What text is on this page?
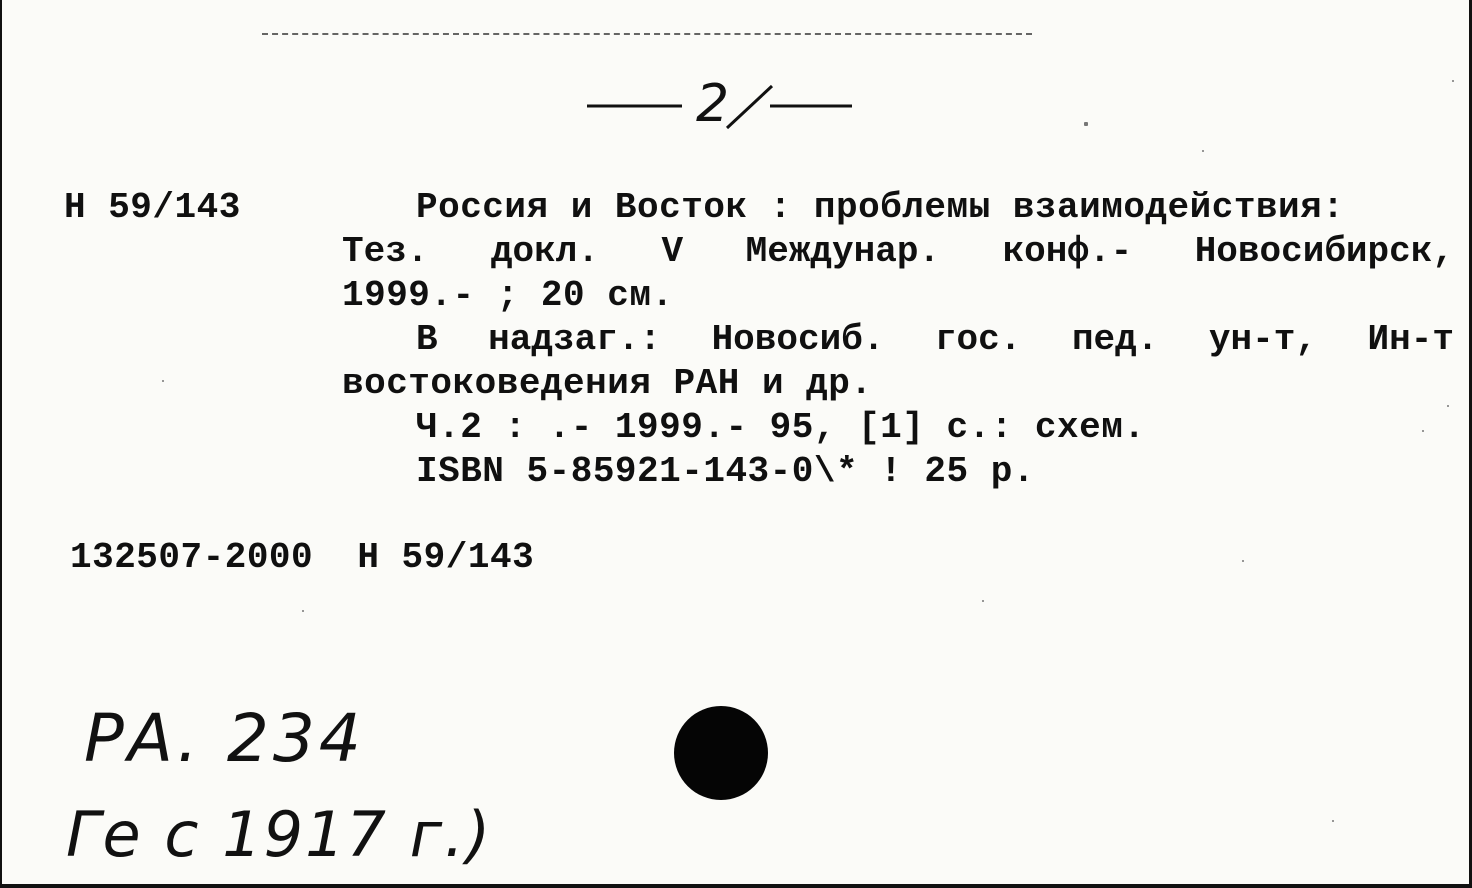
2
Н 59/143	Россия и Восток : проблемы взаимодействия:
Тез. докл. V Междунар. конф.- Новосибирск,
1999.- ; 20 см.
В надзаг.: Новосиб. гос. пед. ун-т, Ин-т
востоковедения РАН и др.
Ч.2 : .- 1999.- 95, [1] с.: схем.
ISBN 5-85921-143-0\* ! 25 р.
132507-2000  Н 59/143
РА. 234
Ге с 1917 г.)
